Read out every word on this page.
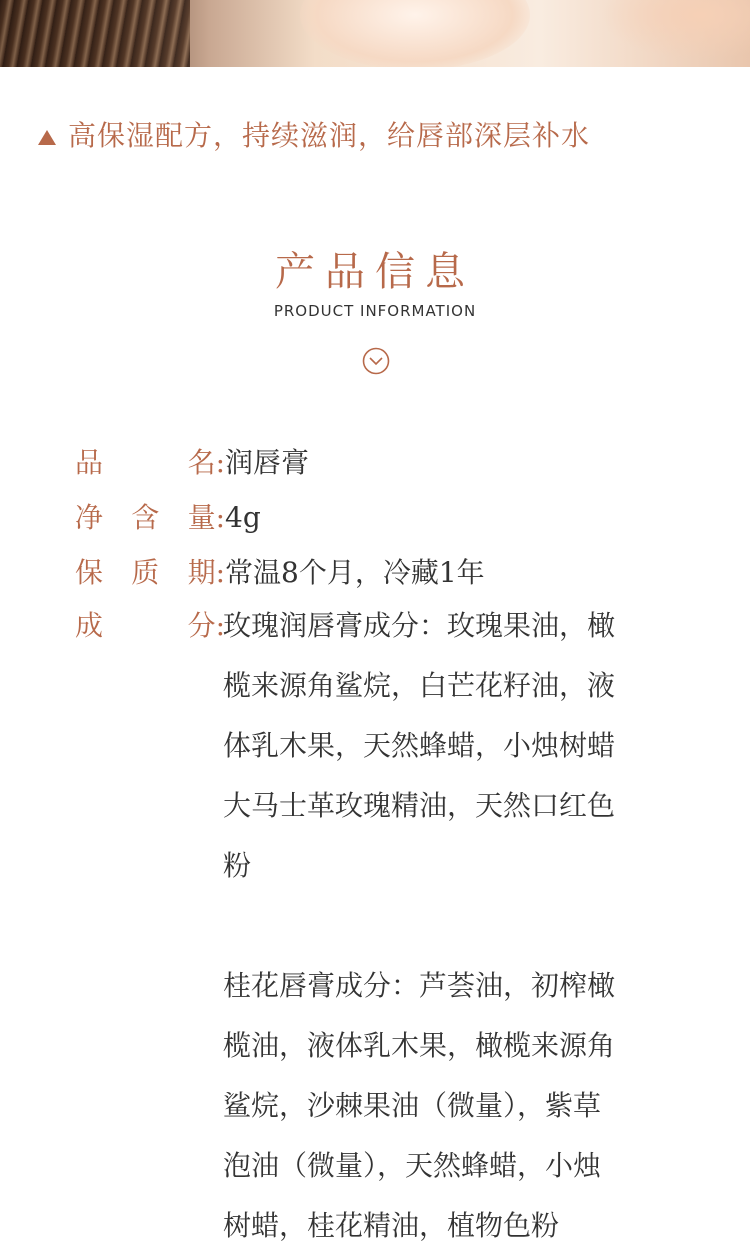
高保湿配方，持续滋润，给唇部深层补水
产品信息
PRODUCT INFORMATION
品	名: 润唇膏
净 含 量: 4g
保 质 期: 常温8个月，冷藏1年
成	分:
玫瑰润唇膏成分：玫瑰果油，橄
榄来源角鲨烷，白芒花籽油，液
体乳木果，天然蜂蜡，小烛树蜡
大马士革玫瑰精油，天然口红色
粉
桂花唇膏成分：芦荟油，初榨橄
榄油，液体乳木果，橄榄来源角
鲨烷，沙棘果油（微量），紫草
泡油（微量），天然蜂蜡，小烛
树蜡，桂花精油，植物色粉
